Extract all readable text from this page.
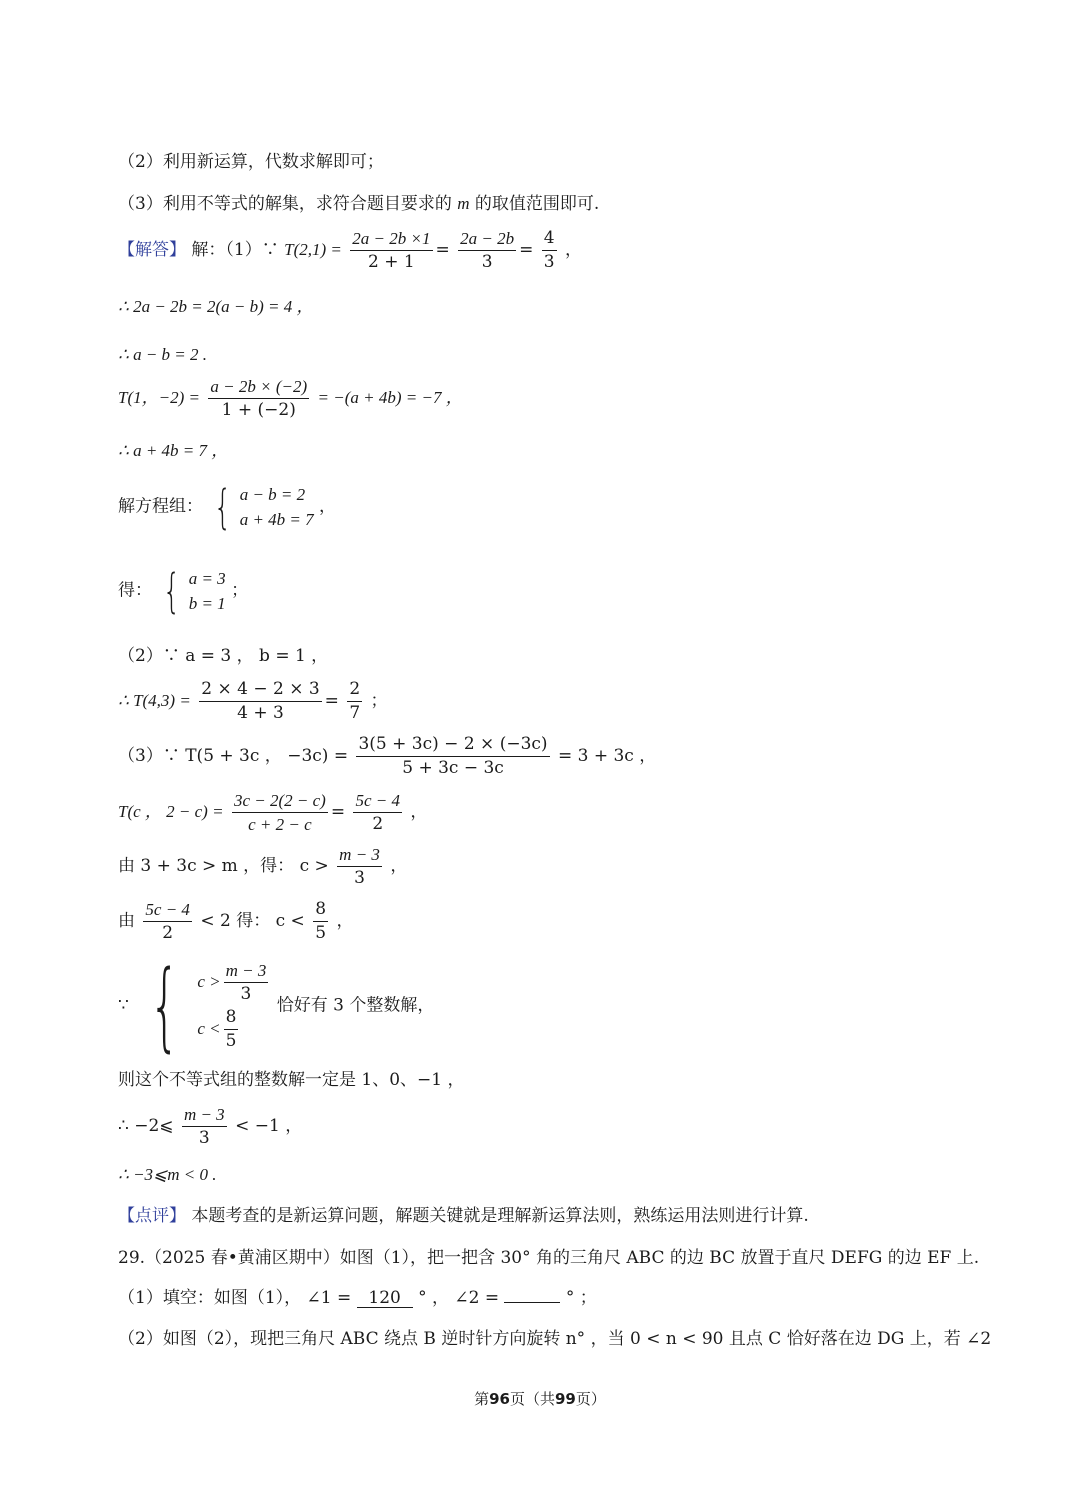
（2）利用新运算，代数求解即可；
（3）利用不等式的解集，求符合题目要求的 m 的取值范围即可.
【解答】 解：（1）∵ $T(2,1) = \frac{2a - 2b \times 1}{2 + 1} = \frac{2a - 2b}{3} = \frac{4}{3}$ ，
∴ 2a − 2b = 2(a − b) = 4 ，
∴ a − b = 2 .
T(1，$-2) = \frac{a - 2b \times (-2)}{1 + (-2)} = -(a + 4b) = -7$ ，
∴ a + 4b = 7 ，
解方程组： { a − b = 2
a + 4b = 7
，
得： { a = 3
b = 1
；
（2）∵ a = 3 ， b = 1 ，
∴ $T(4,3) = \frac{2 \times 4 - 2 \times 3}{4 + 3} = \frac{2}{7}$ ；
（3）∵ T(5 + 3c ， $-3c) = \frac{3(5 + 3c) - 2 \times (-3c)}{5 + 3c - 3c} = 3 + 3c$ ，
T(c ， $2 - c) = \frac{3c - 2(2 - c)}{c + 2 - c} = \frac{5c - 4}{2}$ ，
由 3 + 3c > m ，得： $c > \frac{m - 3}{3}$ ，
由 $\frac{5c - 4}{2} < 2$ 得： $c < \frac{8}{5}$ ，
∵ { $c > \frac{m - 3}{3}$
$c < \frac{8}{5}$
恰好有 3 个整数解，
则这个不等式组的整数解一定是 1、0、−1 ，
∴ −2⩽ $\frac{m - 3}{3} < -1$ ，
∴ −3⩽m < 0 .
【点评】 本题考查的是新运算问题，解题关键就是理解新运算法则，熟练运用法则进行计算.
29.（2025 春•黄浦区期中）如图（1），把一把含 30° 角的三角尺 ABC 的边 BC 放置于直尺 DEFG 的边 EF 上.
（1）填空：如图（1）， ∠1 = 120 ° ， ∠2 =	° ；
（2）如图（2），现把三角尺 ABC 绕点 B 逆时针方向旋转 n° ，当 0 < n < 90 且点 C 恰好落在边 DG 上，若 ∠2
第96页（共99页）
